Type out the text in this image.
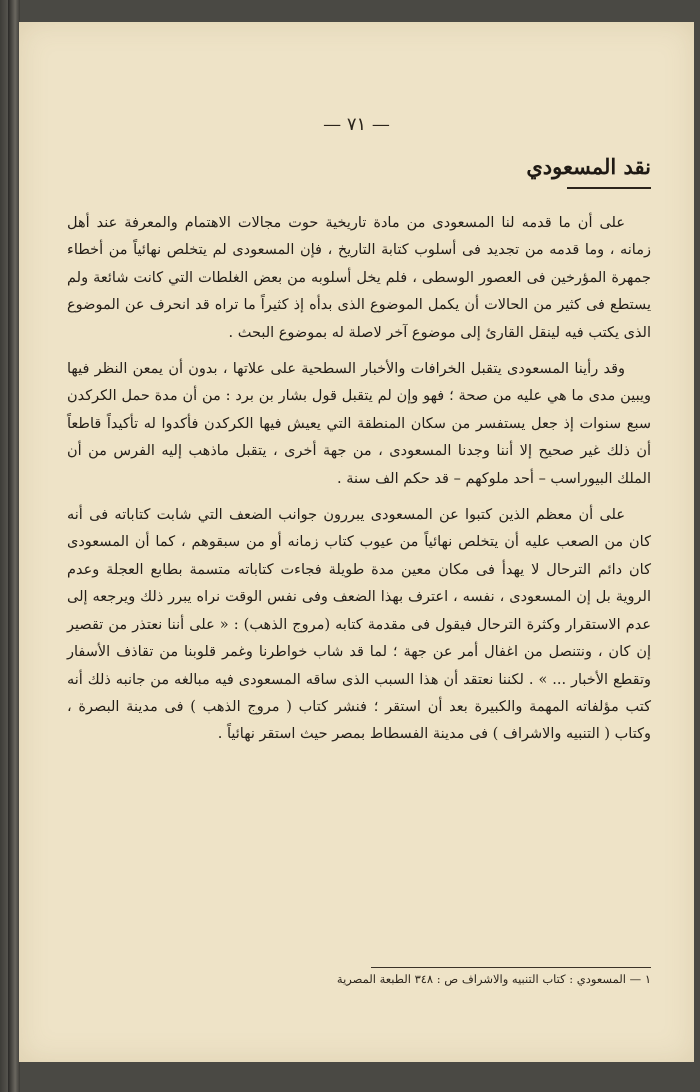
— ٧١ —
نقد المسعودي

على أن ما قدمه لنا المسعودى من مادة تاريخية حوت مجالات الاهتمام والمعرفة عند أهل زمانه ، وما قدمه من تجديد فى أسلوب كتابة التاريخ ، فإن المسعودى لم يتخلص نهائياً من أخطاء جمهرة المؤرخين فى العصور الوسطى ، فلم يخل أسلوبه من بعض الغلطات التي كانت شائعة ولم يستطع فى كثير من الحالات أن يكمل الموضوع الذى بدأه إذ كثيراً ما تراه قد انحرف عن الموضوع الذى يكتب فيه لينقل القارئ إلى موضوع آخر لاصلة له بموضوع البحث .

وقد رأينا المسعودى يتقبل الخرافات والأخبار السطحية على علاتها ، بدون أن يمعن النظر فيها ويبين مدى ما هي عليه من صحة ؛ فهو وإن لم يتقبل قول بشار بن برد : من أن مدة حمل الكركدن سبع سنوات إذ جعل يستفسر من سكان المنطقة التي يعيش فيها الكركدن فأكدوا له تأكيداً قاطعاً أن ذلك غير صحيح إلا أننا وجدنا المسعودى ، من جهة أخرى ، يتقبل ماذهب إليه الفرس من أن الملك البيوراسب – أحد ملوكهم – قد حكم الف سنة .

على أن معظم الذين كتبوا عن المسعودى يبررون جوانب الضعف التي شابت كتاباته فى أنه كان من الصعب عليه أن يتخلص نهائياً من عيوب كتاب زمانه أو من سبقوهم ، كما أن المسعودى كان دائم الترحال لا يهدأ فى مكان معين مدة طويلة فجاءت كتاباته متسمة بطابع العجلة وعدم الروية بل إن المسعودى ، نفسه ، اعترف بهذا الضعف وفى نفس الوقت نراه يبرر ذلك ويرجعه إلى عدم الاستقرار وكثرة الترحال فيقول فى مقدمة كتابه (مروج الذهب) : « على أننا نعتذر من تقصير إن كان ، ونتنصل من اغفال أمر عن جهة ؛ لما قد شاب خواطرنا وغمر قلوبنا من تقاذف الأسفار وتقطع الأخبار ... » . لكننا نعتقد أن هذا السبب الذى ساقه المسعودى فيه مبالغه من جانبه ذلك أنه كتب مؤلفاته المهمة والكبيرة بعد أن استقر ؛ فنشر كتاب ( مروج الذهب ) فى مدينة البصرة ، وكتاب ( التنبيه والاشراف ) فى مدينة الفسطاط بمصر حيث استقر نهائياً .

١ — المسعودي : كتاب التنبيه والاشراف ص : ٣٤٨ الطبعة المصرية
